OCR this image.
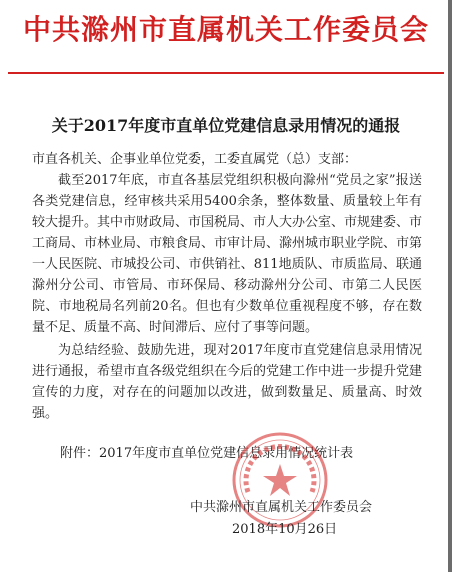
中共滁州市直属机关工作委员会
关于2017年度市直单位党建信息录用情况的通报
市直各机关、企事业单位党委，工委直属党（总）支部：
截至2017年底，市直各基层党组织积极向滁州“党员之家”报送各类党建信息，经审核共采用5400余条，整体数量、质量较上年有较大提升。其中市财政局、市国税局、市人大办公室、市规建委、市工商局、市林业局、市粮食局、市审计局、滁州城市职业学院、市第一人民医院、市城投公司、市供销社、811地质队、市质监局、联通滁州分公司、市管局、市环保局、移动滁州分公司、市第二人民医院、市地税局名列前20名。但也有少数单位重视程度不够，存在数量不足、质量不高、时间滞后、应付了事等问题。
为总结经验、鼓励先进，现对2017年度市直党建信息录用情况进行通报，希望市直各级党组织在今后的党建工作中进一步提升党建宣传的力度，对存在的问题加以改进，做到数量足、质量高、时效强。
附件：2017年度市直单位党建信息录用情况统计表
中共滁州市直属机关工作委员会
2018年10月26日
